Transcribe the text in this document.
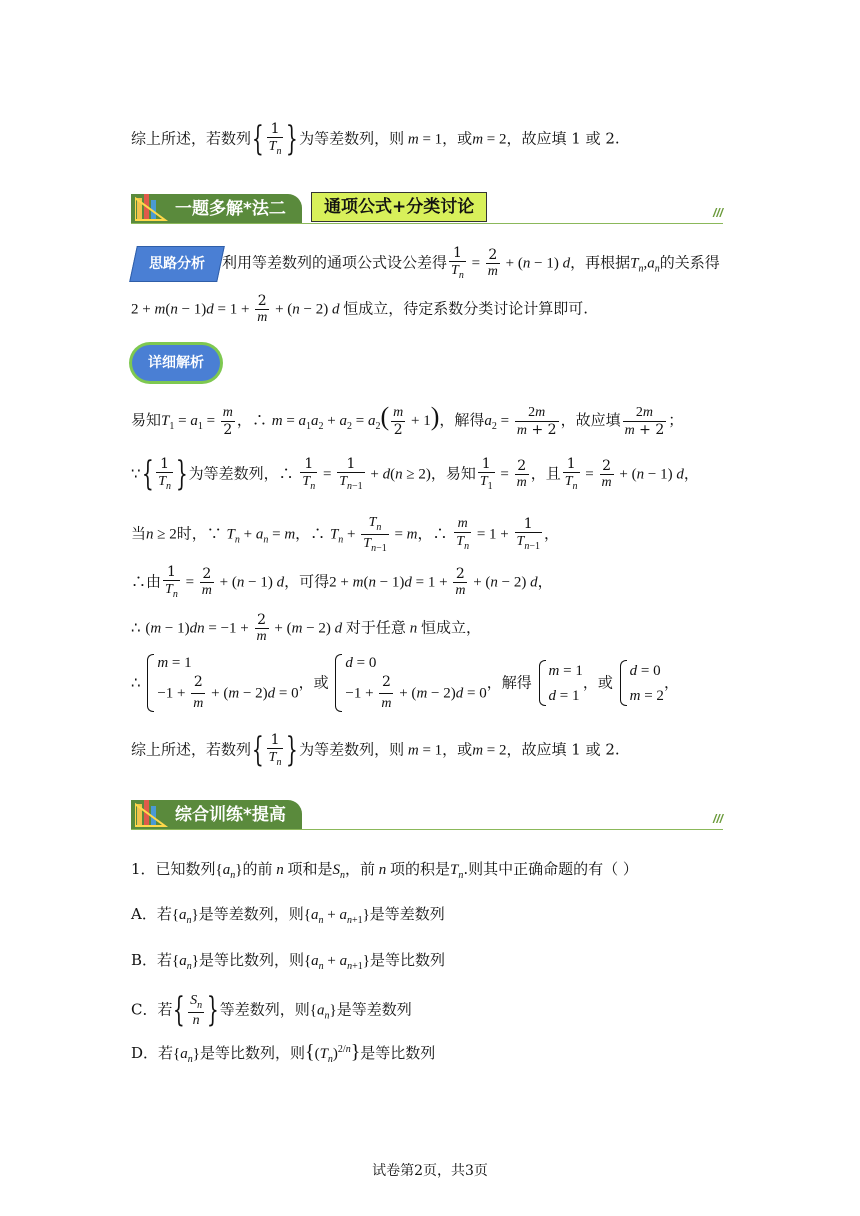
综上所述，若数列{ $\frac{1}{T_n}$ }为等差数列，则 m = 1，或m = 2，故应填 1 或 2.
一题多解*法二	通项公式+分类讨论	///
思路分析	利用等差数列的通项公式设公差得 $\frac{1}{T_n} = \frac{2}{m} + (n - 1)$ d，再根据$T_n,a_n$的关系得
$2 + m(n - 1)d = 1 + \frac{2}{m} + (n - 2)$ d 恒成立，待定系数分类讨论计算即可.
详细解析
易知$T_1 = a_1 = \frac{m}{2}$ ，∴ $m = a_1a_2 + a_2 = a_2( \frac{m}{2} + 1)$，解得$a_2 = \frac{2m}{m + 2}$ ，故应填 $\frac{2m}{m + 2}$ ；
∵{ $\frac{1}{T_n}$ }为等差数列，∴ $\frac{1}{T_n} = \frac{1}{T_{n-1}} + d(n \ge 2)$，易知 $\frac{1}{T_1} = \frac{2}{m}$ ，且 $\frac{1}{T_n} = \frac{2}{m} + (n - 1)$ d，
当n ≥ 2时，∵ $T_n + a_n = m$，∴ $T_n + \frac{T_n}{T_{n-1}} = m$，∴ $\frac{m}{T_n} = 1 + \frac{1}{T_{n-1}}$ ，
∴由 $\frac{1}{T_n} = \frac{2}{m} + (n - 1)$ d，可得$2 + m(n - 1)d = 1 + \frac{2}{m} + (n - 2)$ d，
∴ $(m - 1)dn = -1 + \frac{2}{m} + (m - 2)$ d 对于任意 n 恒成立，
∴
m = 1
$-1 + \frac{2}{m} + (m - 2)d = 0$
，或
d = 0
$-1 + \frac{2}{m} + (m - 2)d = 0$
，解得
m = 1
d = 1
，或
d = 0
m = 2
，
综上所述，若数列{ $\frac{1}{T_n}$ }为等差数列，则 m = 1，或m = 2，故应填 1 或 2.
综合训练*提高	///
1．已知数列$\{a_n\}$的前 n 项和是$S_n$，前 n 项的积是$T_n$.则其中正确命题的有（ ）
A．若$\{a_n\}$是等差数列，则$\{a_n + a_{n+1}\}$是等差数列
B．若$\{a_n\}$是等比数列，则$\{a_n + a_{n+1}\}$是等比数列
C．若{ $\frac{S_n}{n}$ }等差数列，则$\{a_n\}$是等差数列
D．若$\{a_n\}$是等比数列，则$\{(T_n)^{2/n}\}$是等比数列
试卷第2页，共3页
